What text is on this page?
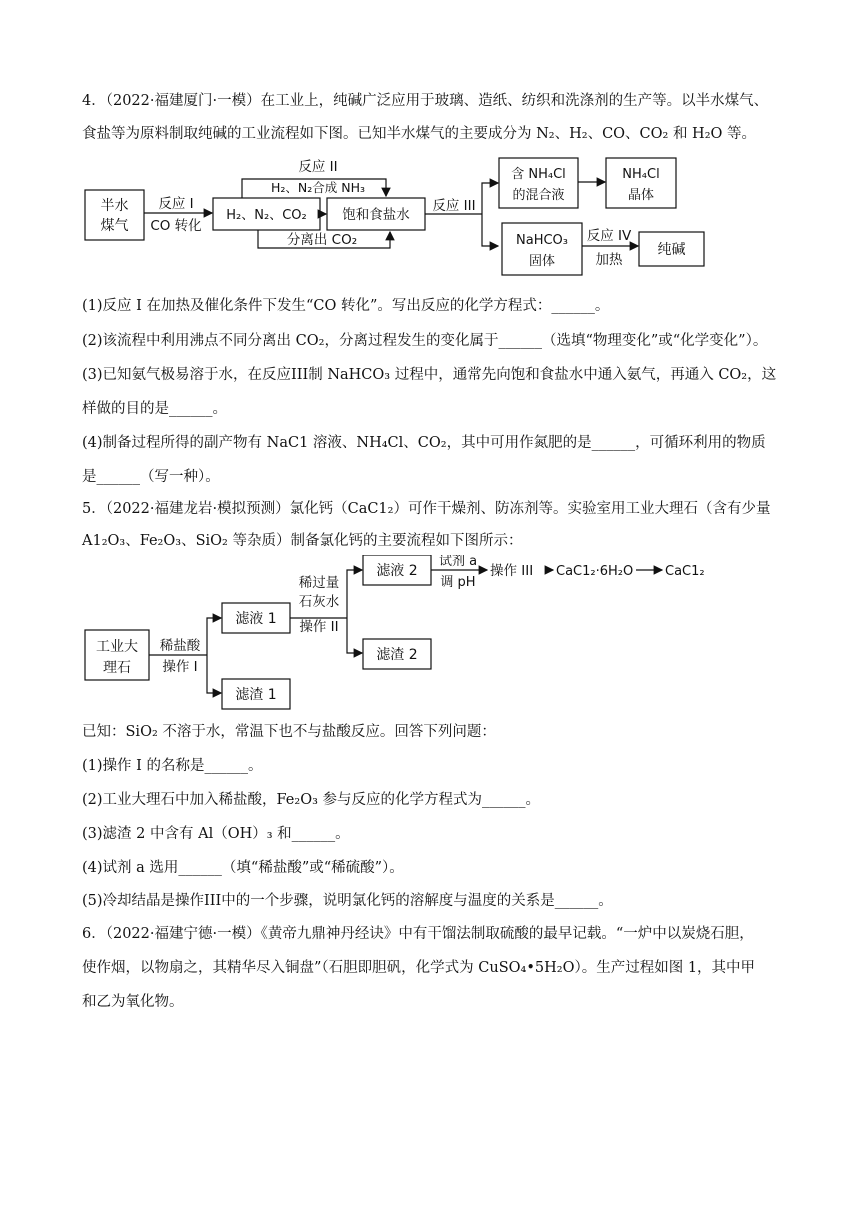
4．（2022·福建厦门·一模）在工业上，纯碱广泛应用于玻璃、造纸、纺织和洗涤剂的生产等。以半水煤气、
食盐等为原料制取纯碱的工业流程如下图。已知半水煤气的主要成分为 N₂、H₂、CO、CO₂ 和 H₂O 等。
半水
煤气
反应 I
CO 转化
H₂、N₂、CO₂
反应 II
H₂、N₂合成 NH₃
饱和食盐水
分离出 CO₂
反应 III
含 NH₄Cl
的混合液
NH₄Cl
晶体
NaHCO₃
固体
反应 IV
加热
纯碱
(1)反应 I 在加热及催化条件下发生“CO 转化”。写出反应的化学方程式：______。
(2)该流程中利用沸点不同分离出 CO₂，分离过程发生的变化属于______（选填“物理变化”或“化学变化”）。
(3)已知氨气极易溶于水，在反应III制 NaHCO₃ 过程中，通常先向饱和食盐水中通入氨气，再通入 CO₂，这
样做的目的是______。
(4)制备过程所得的副产物有 NaC1 溶液、NH₄Cl、CO₂，其中可用作氮肥的是______，可循环利用的物质
是______（写一种）。
5．（2022·福建龙岩·模拟预测）氯化钙（CaC1₂）可作干燥剂、防冻剂等。实验室用工业大理石（含有少量
A1₂O₃、Fe₂O₃、SiO₂ 等杂质）制备氯化钙的主要流程如下图所示：
工业大
理石
稀盐酸
操作 I
滤液 1
滤渣 1
稀过量
石灰水
操作 II
滤液 2
滤渣 2
试剂 a
调 pH
操作 III CaC1₂·6H₂O CaC1₂
已知：SiO₂ 不溶于水，常温下也不与盐酸反应。回答下列问题：
(1)操作 I 的名称是______。
(2)工业大理石中加入稀盐酸，Fe₂O₃ 参与反应的化学方程式为______。
(3)滤渣 2 中含有 Al（OH）₃ 和______。
(4)试剂 a 选用______（填“稀盐酸”或“稀硫酸”）。
(5)冷却结晶是操作III中的一个步骤，说明氯化钙的溶解度与温度的关系是______。
6．（2022·福建宁德·一模）《黄帝九鼎神丹经诀》中有干馏法制取硫酸的最早记载。“一炉中以炭烧石胆，
使作烟，以物扇之，其精华尽入铜盘”（石胆即胆矾，化学式为 CuSO₄•5H₂O）。生产过程如图 1，其中甲
和乙为氧化物。
